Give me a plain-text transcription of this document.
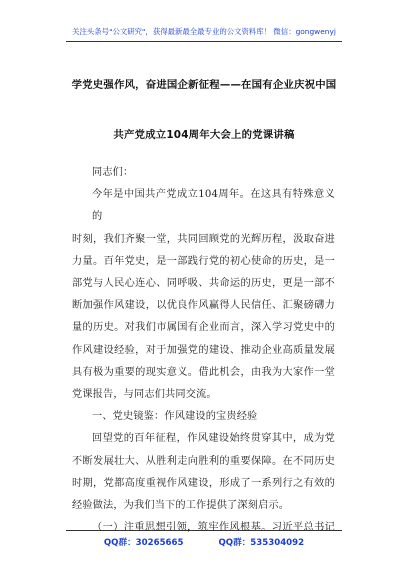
关注头条号"公文研究"，获得最新最全最专业的公文资料库！ 微信：gongwenyj
学党史强作风，奋进国企新征程——在国有企业庆祝中国
共产党成立104周年大会上的党课讲稿

同志们：

今年是中国共产党成立104周年。在这具有特殊意义的

时刻，我们齐聚一堂，共同回顾党的光辉历程，汲取奋进

力量。百年党史，是一部践行党的初心使命的历史，是一

部党与人民心连心、同呼吸、共命运的历史，更是一部不

断加强作风建设，以优良作风赢得人民信任、汇聚磅礴力

量的历史。对我们市属国有企业而言，深入学习党史中的

作风建设经验，对于加强党的建设、推动企业高质量发展

具有极为重要的现实意义。借此机会，由我为大家作一堂

党课报告，与同志们共同交流。

一、党史镜鉴：作风建设的宝贵经验

回望党的百年征程，作风建设始终贯穿其中，成为党

不断发展壮大、从胜利走向胜利的重要保障。在不同历史

时期，党都高度重视作风建设，形成了一系列行之有效的

经验做法，为我们当下的工作提供了深刻启示。

（一）注重思想引领，筑牢作风根基。习近平总书记

QQ群：30265665	QQ群：535304092
